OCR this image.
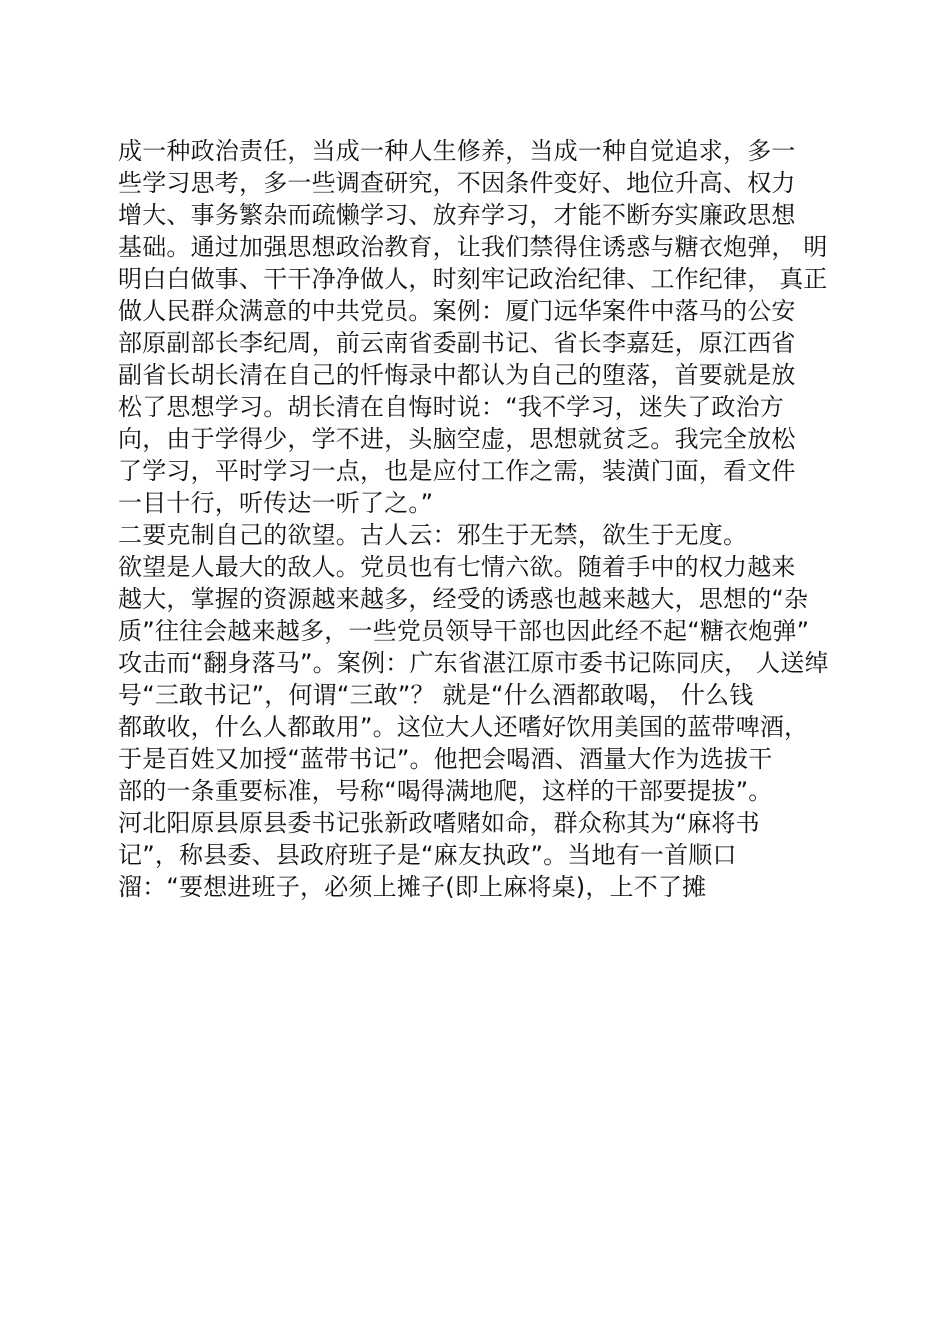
成一种政治责任，当成一种人生修养，当成一种自觉追求，多一
些学习思考，多一些调查研究，不因条件变好、地位升高、权力
增大、事务繁杂而疏懒学习、放弃学习，才能不断夯实廉政思想
基础。通过加强思想政治教育，让我们禁得住诱惑与糖衣炮弹， 明
明白白做事、干干净净做人，时刻牢记政治纪律、工作纪律， 真正
做人民群众满意的中共党员。案例：厦门远华案件中落马的公安
部原副部长李纪周，前云南省委副书记、省长李嘉廷，原江西省
副省长胡长清在自己的忏悔录中都认为自己的堕落，首要就是放
松了思想学习。胡长清在自悔时说：“我不学习，迷失了政治方
向，由于学得少，学不进，头脑空虚，思想就贫乏。我完全放松
了学习，平时学习一点，也是应付工作之需，装潢门面，看文件
一目十行，听传达一听了之。”
二要克制自己的欲望。古人云：邪生于无禁，欲生于无度。
欲望是人最大的敌人。党员也有七情六欲。随着手中的权力越来
越大，掌握的资源越来越多，经受的诱惑也越来越大，思想的“杂
质”往往会越来越多，一些党员领导干部也因此经不起“糖衣炮弹”
攻击而“翻身落马”。案例：广东省湛江原市委书记陈同庆， 人送绰
号“三敢书记”，何谓“三敢”？ 就是“什么酒都敢喝， 什么钱
都敢收，什么人都敢用”。这位大人还嗜好饮用美国的蓝带啤酒，
于是百姓又加授“蓝带书记”。他把会喝酒、酒量大作为选拔干
部的一条重要标准，号称“喝得满地爬，这样的干部要提拔”。
河北阳原县原县委书记张新政嗜赌如命，群众称其为“麻将书
记”，称县委、县政府班子是“麻友执政”。当地有一首顺口
溜：“要想进班子，必须上摊子(即上麻将桌)，上不了摊
